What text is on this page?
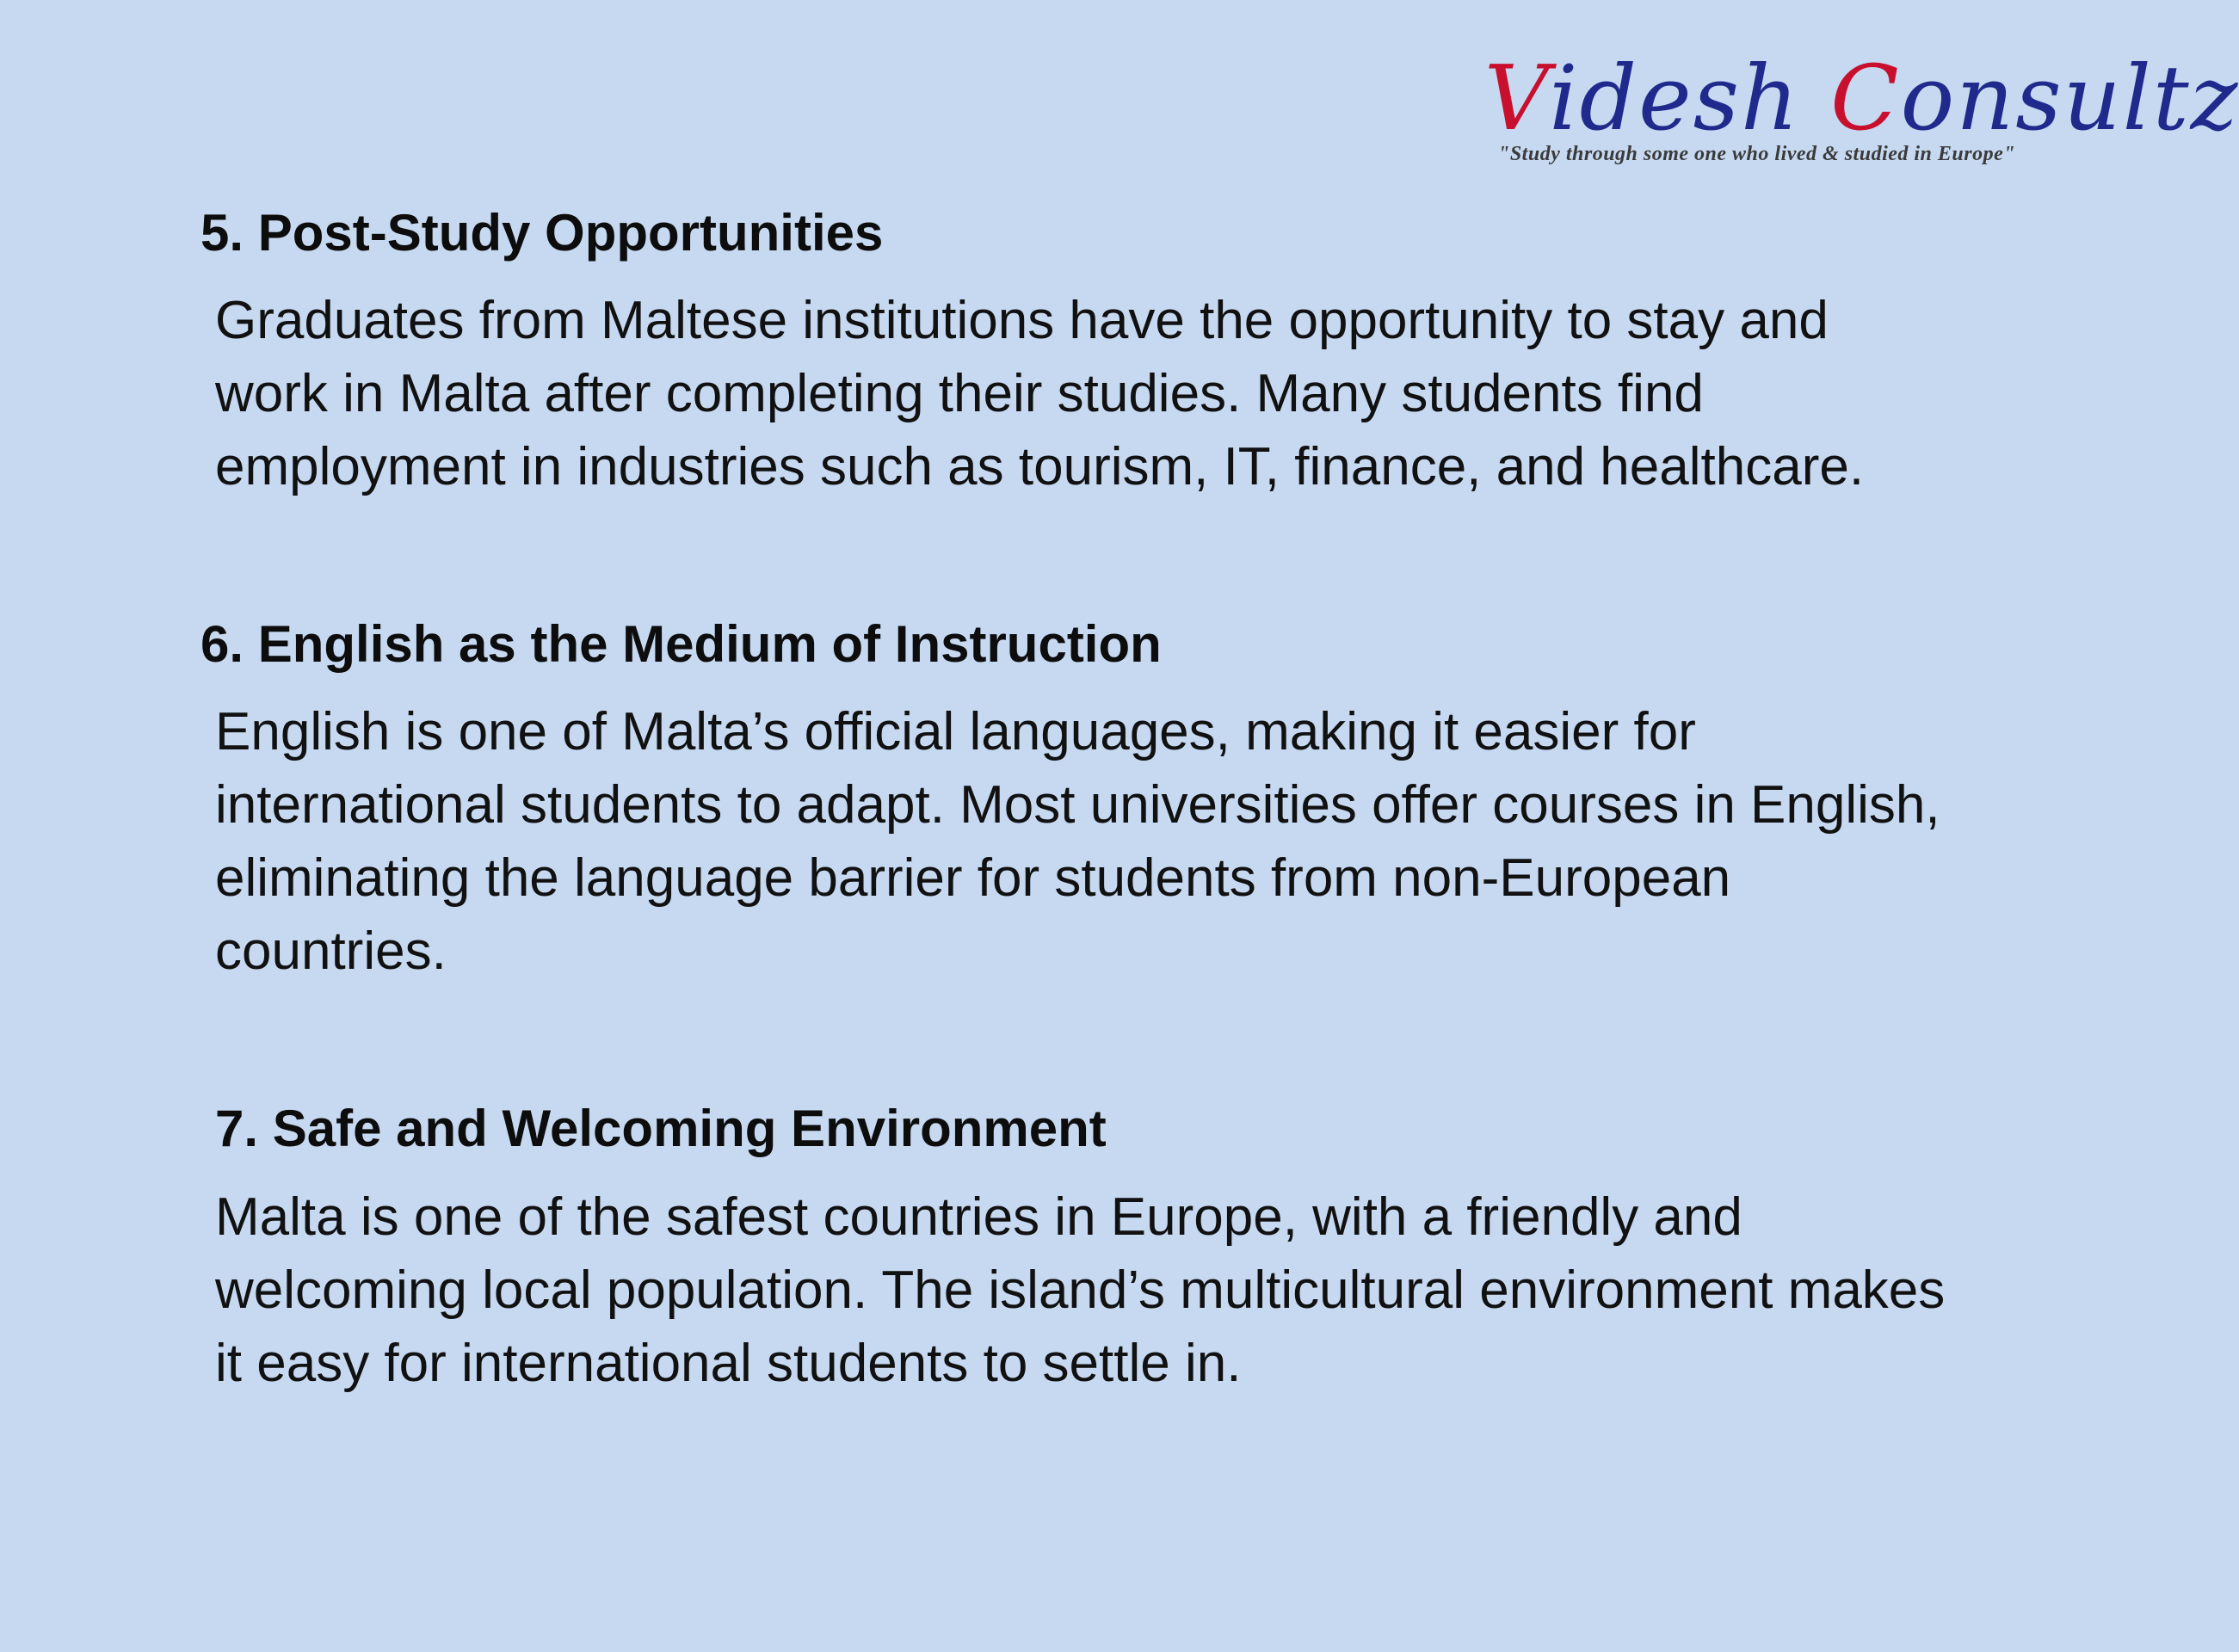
Videsh Consultz
"Study through some one who lived & studied in Europe"
5. Post-Study Opportunities
Graduates from Maltese institutions have the opportunity to stay and
work in Malta after completing their studies. Many students find
employment in industries such as tourism, IT, finance, and healthcare.
6. English as the Medium of Instruction
English is one of Malta’s official languages, making it easier for
international students to adapt. Most universities offer courses in English,
eliminating the language barrier for students from non-European
countries.
7. Safe and Welcoming Environment
Malta is one of the safest countries in Europe, with a friendly and
welcoming local population. The island’s multicultural environment makes
it easy for international students to settle in.
